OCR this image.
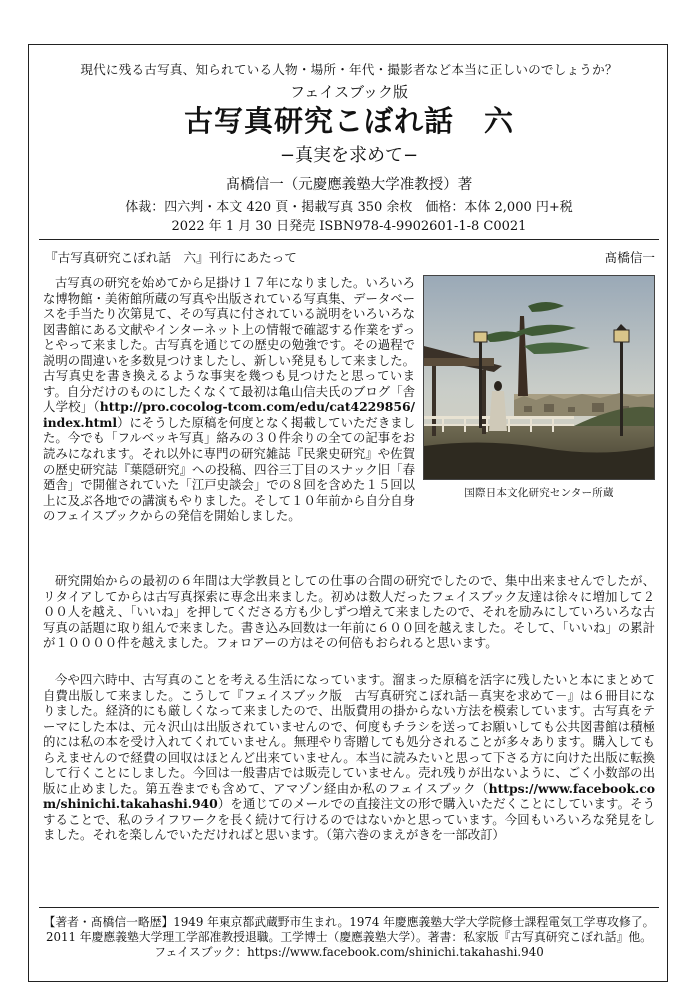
現代に残る古写真、知られている人物・場所・年代・撮影者など本当に正しいのでしょうか？
フェイスブック版
古写真研究こぼれ話　六
−真実を求めて−
髙橋信一（元慶應義塾大学准教授）著
体裁：四六判・本文 420 頁・掲載写真 350 余枚　価格：本体 2,000 円+税
2022 年 1 月 30 日発売 ISBN978-4-9902601-1-8 C0021
『古写真研究こぼれ話　六』刊行にあたって	髙橋信一
国際日本文化研究センター所蔵
古写真の研究を始めてから足掛け１７年になりました。いろいろな博物館・美術館所蔵の写真や出版されている写真集、データベースを手当たり次第見て、その写真に付されている説明をいろいろな図書館にある文献やインターネット上の情報で確認する作業をずっとやって来ました。古写真を通じての歴史の勉強です。その過程で説明の間違いを多数見つけましたし、新しい発見もして来ました。古写真史を書き換えるような事実を幾つも見つけたと思っています。自分だけのものにしたくなくて最初は亀山信夫氏のブログ「舎人学校」（http://pro.cocolog-tcom.com/edu/cat4229856/index.html）にそうした原稿を何度となく掲載していただきました。今でも「フルベッキ写真」絡みの３０件余りの全ての記事をお読みになれます。それ以外に専門の研究雑誌『民衆史研究』や佐賀の歴史研究誌『葉隠研究』への投稿、四谷三丁目のスナック旧「春廼舎」で開催されていた「江戸史談会」での８回を含めた１５回以上に及ぶ各地での講演もやりました。そして１０年前から自分自身のフェイスブックからの発信を開始しました。
研究開始からの最初の６年間は大学教員としての仕事の合間の研究でしたので、集中出来ませんでしたが、リタイアしてからは古写真探索に専念出来ました。初めは数人だったフェイスブック友達は徐々に増加して２００人を越え、「いいね」を押してくださる方も少しずつ増えて来ましたので、それを励みにしていろいろな古写真の話題に取り組んで来ました。書き込み回数は一年前に６００回を越えました。そして、「いいね」の累計が１００００件を越えました。フォロアーの方はその何倍もおられると思います。
今や四六時中、古写真のことを考える生活になっています。溜まった原稿を活字に残したいと本にまとめて自費出版して来ました。こうして『フェイスブック版　古写真研究こぼれ話－真実を求めて－』は６冊目になりました。経済的にも厳しくなって来ましたので、出版費用の掛からない方法を模索しています。古写真をテーマにした本は、元々沢山は出版されていませんので、何度もチラシを送ってお願いしても公共図書館は積極的には私の本を受け入れてくれていません。無理やり寄贈しても処分されることが多々あります。購入してもらえませんので経費の回収はほとんど出来ていません。本当に読みたいと思って下さる方に向けた出版に転換して行くことにしました。今回は一般書店では販売していません。売れ残りが出ないように、ごく小数部の出版に止めました。第五巻までも含めて、アマゾン経由か私のフェイスブック（https://www.facebook.com/shinichi.takahashi.940）を通じてのメールでの直接注文の形で購入いただくことにしています。そうすることで、私のライフワークを長く続けて行けるのではないかと思っています。今回もいろいろな発見をしました。それを楽しんでいただければと思います。（第六巻のまえがきを一部改訂）
【著者・髙橋信一略歴】1949 年東京都武蔵野市生まれ。1974 年慶應義塾大学大学院修士課程電気工学専攻修了。
2011 年慶應義塾大学理工学部准教授退職。工学博士（慶應義塾大学）。著書：私家版『古写真研究こぼれ話』他。
フェイスブック：https://www.facebook.com/shinichi.takahashi.940
